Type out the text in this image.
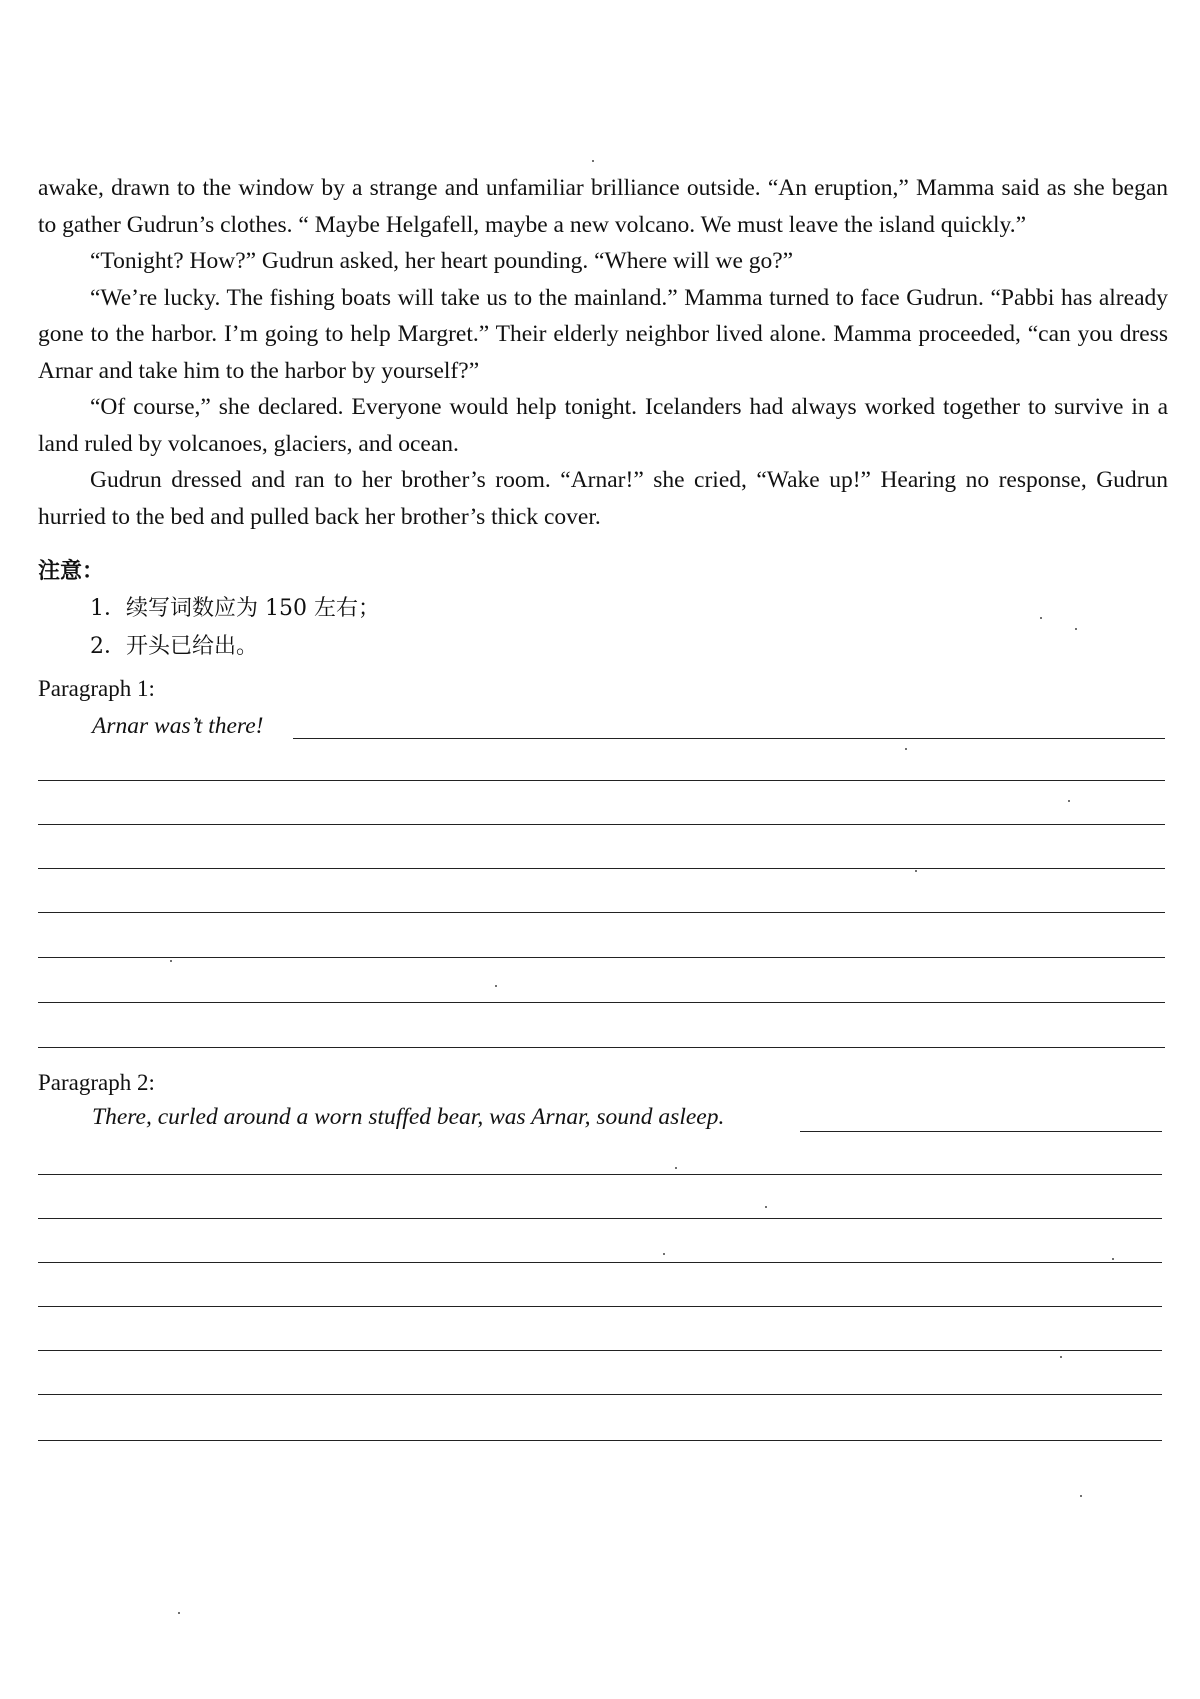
awake, drawn to the window by a strange and unfamiliar brilliance outside. “An eruption,” Mamma said as she began to gather Gudrun’s clothes. “ Maybe Helgafell, maybe a new volcano. We must leave the island quickly.”

“Tonight? How?” Gudrun asked, her heart pounding. “Where will we go?”

“We’re lucky. The fishing boats will take us to the mainland.” Mamma turned to face Gudrun. “Pabbi has already gone to the harbor. I’m going to help Margret.” Their elderly neighbor lived alone. Mamma proceeded, “can you dress Arnar and take him to the harbor by yourself?”

“Of course,” she declared. Everyone would help tonight. Icelanders had always worked together to survive in a land ruled by volcanoes, glaciers, and ocean.

Gudrun dressed and ran to her brother’s room. “Arnar!” she cried, “Wake up!” Hearing no response, Gudrun hurried to the bed and pulled back her brother’s thick cover.

注意：
1．续写词数应为 150 左右；
2．开头已给出。
Paragraph 1:
Arnar was’t there!
Paragraph 2:
There, curled around a worn stuffed bear, was Arnar, sound asleep.
